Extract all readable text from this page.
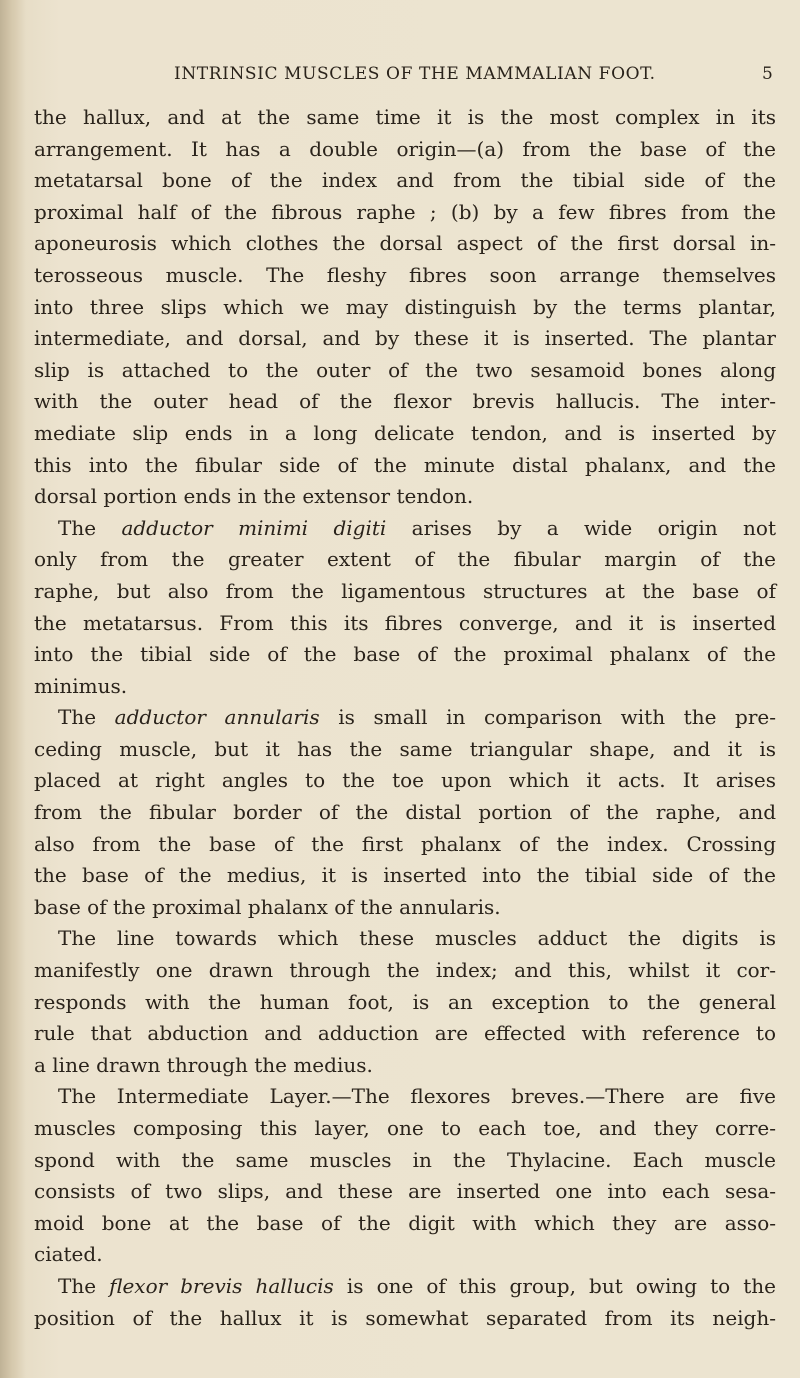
INTRINSIC MUSCLES OF THE MAMMALIAN FOOT.	5
the hallux, and at the same time it is the most complex in its
arrangement. It has a double origin—(a) from the base of the
metatarsal bone of the index and from the tibial side of the
proximal half of the fibrous raphe ; (b) by a few fibres from the
aponeurosis which clothes the dorsal aspect of the first dorsal in-
terosseous muscle. The fleshy fibres soon arrange themselves
into three slips which we may distinguish by the terms plantar,
intermediate, and dorsal, and by these it is inserted. The plantar
slip is attached to the outer of the two sesamoid bones along
with the outer head of the flexor brevis hallucis. The inter-
mediate slip ends in a long delicate tendon, and is inserted by
this into the fibular side of the minute distal phalanx, and the
dorsal portion ends in the extensor tendon.
The adductor minimi digiti arises by a wide origin not
only from the greater extent of the fibular margin of the
raphe, but also from the ligamentous structures at the base of
the metatarsus. From this its fibres converge, and it is inserted
into the tibial side of the base of the proximal phalanx of the
minimus.
The adductor annularis is small in comparison with the pre-
ceding muscle, but it has the same triangular shape, and it is
placed at right angles to the toe upon which it acts. It arises
from the fibular border of the distal portion of the raphe, and
also from the base of the first phalanx of the index. Crossing
the base of the medius, it is inserted into the tibial side of the
base of the proximal phalanx of the annularis.
The line towards which these muscles adduct the digits is
manifestly one drawn through the index; and this, whilst it cor-
responds with the human foot, is an exception to the general
rule that abduction and adduction are effected with reference to
a line drawn through the medius.
The Intermediate Layer.—The flexores breves.—There are five
muscles composing this layer, one to each toe, and they corre-
spond with the same muscles in the Thylacine. Each muscle
consists of two slips, and these are inserted one into each sesa-
moid bone at the base of the digit with which they are asso-
ciated.
The flexor brevis hallucis is one of this group, but owing to the
position of the hallux it is somewhat separated from its neigh-
